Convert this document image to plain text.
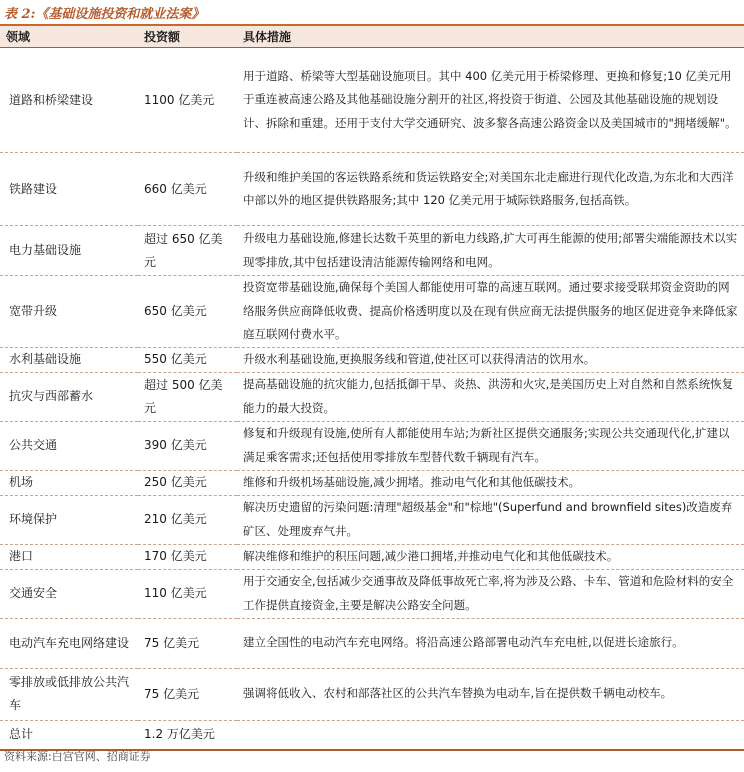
表 2:《基础设施投资和就业法案》
领域	投资额	具体措施
道路和桥梁建设	1100 亿美元	用于道路、桥梁等大型基础设施项目。其中 400 亿美元用于桥梁修理、更换和修复;10 亿美元用于重连被高速公路及其他基础设施分割开的社区,将投资于街道、公园及其他基础设施的规划设计、拆除和重建。还用于支付大学交通研究、波多黎各高速公路资金以及美国城市的"拥堵缓解"。
铁路建设	660 亿美元	升级和维护美国的客运铁路系统和货运铁路安全;对美国东北走廊进行现代化改造,为东北和大西洋中部以外的地区提供铁路服务;其中 120 亿美元用于城际铁路服务,包括高铁。
电力基础设施	超过 650 亿美元	升级电力基础设施,修建长达数千英里的新电力线路,扩大可再生能源的使用;部署尖端能源技术以实现零排放,其中包括建设清洁能源传输网络和电网。
宽带升级	650 亿美元	投资宽带基础设施,确保每个美国人都能使用可靠的高速互联网。通过要求接受联邦资金资助的网络服务供应商降低收费、提高价格透明度以及在现有供应商无法提供服务的地区促进竞争来降低家庭互联网付费水平。
水利基础设施	550 亿美元	升级水利基础设施,更换服务线和管道,使社区可以获得清洁的饮用水。
抗灾与西部蓄水	超过 500 亿美元	提高基础设施的抗灾能力,包括抵御干旱、炎热、洪涝和火灾,是美国历史上对自然和自然系统恢复能力的最大投资。
公共交通	390 亿美元	修复和升级现有设施,使所有人都能使用车站;为新社区提供交通服务;实现公共交通现代化,扩建以满足乘客需求;还包括使用零排放车型替代数千辆现有汽车。
机场	250 亿美元	维修和升级机场基础设施,减少拥堵。推动电气化和其他低碳技术。
环境保护	210 亿美元	解决历史遗留的污染问题:清理"超级基金"和"棕地"(Superfund and brownfield sites)改造废弃矿区、处理废弃气井。
港口	170 亿美元	解决维修和维护的积压问题,减少港口拥堵,并推动电气化和其他低碳技术。
交通安全	110 亿美元	用于交通安全,包括减少交通事故及降低事故死亡率,将为涉及公路、卡车、管道和危险材料的安全工作提供直接资金,主要是解决公路安全问题。
电动汽车充电网络建设	75 亿美元	建立全国性的电动汽车充电网络。将沿高速公路部署电动汽车充电桩,以促进长途旅行。
零排放或低排放公共汽车	75 亿美元	强调将低收入、农村和部落社区的公共汽车替换为电动车,旨在提供数千辆电动校车。
总计	1.2 万亿美元	
资料来源:白宫官网、招商证券
